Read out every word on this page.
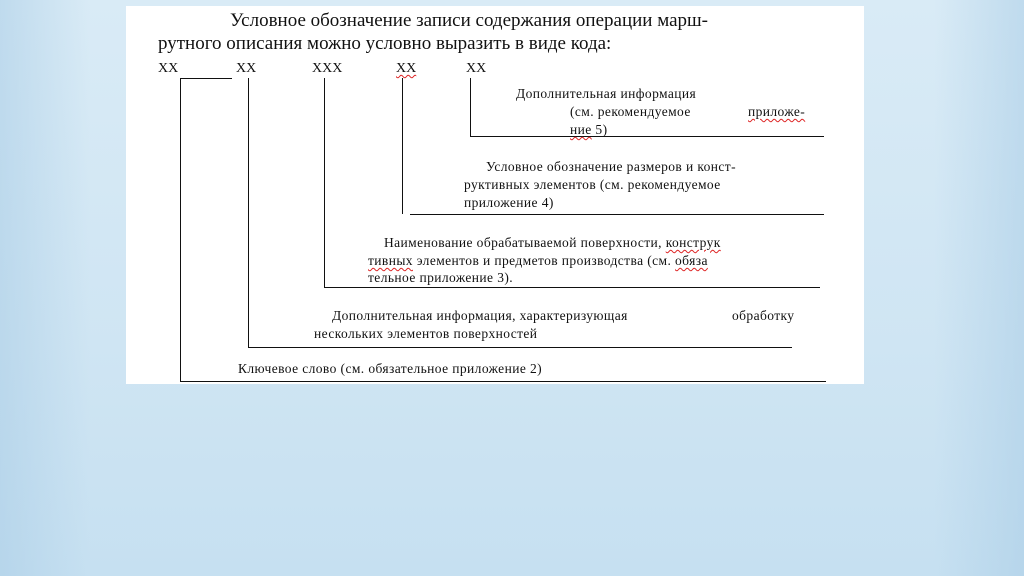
Условное обозначение записи содержания операции марш-
рутного описания можно условно выразить в виде кода:
XX	XX	XXX	XX	XX
Дополнительная информация
(см. рекомендуемое	приложе-
ние 5)
Условное обозначение размеров и конст-
руктивных элементов (см. рекомендуемое
приложение 4)
Наименование обрабатываемой поверхности, конструк
тивных элементов и предметов производства (см. обяза
тельное приложение 3).
Дополнительная информация, характеризующая	обработку
нескольких элементов поверхностей
Ключевое слово (см. обязательное приложение 2)
